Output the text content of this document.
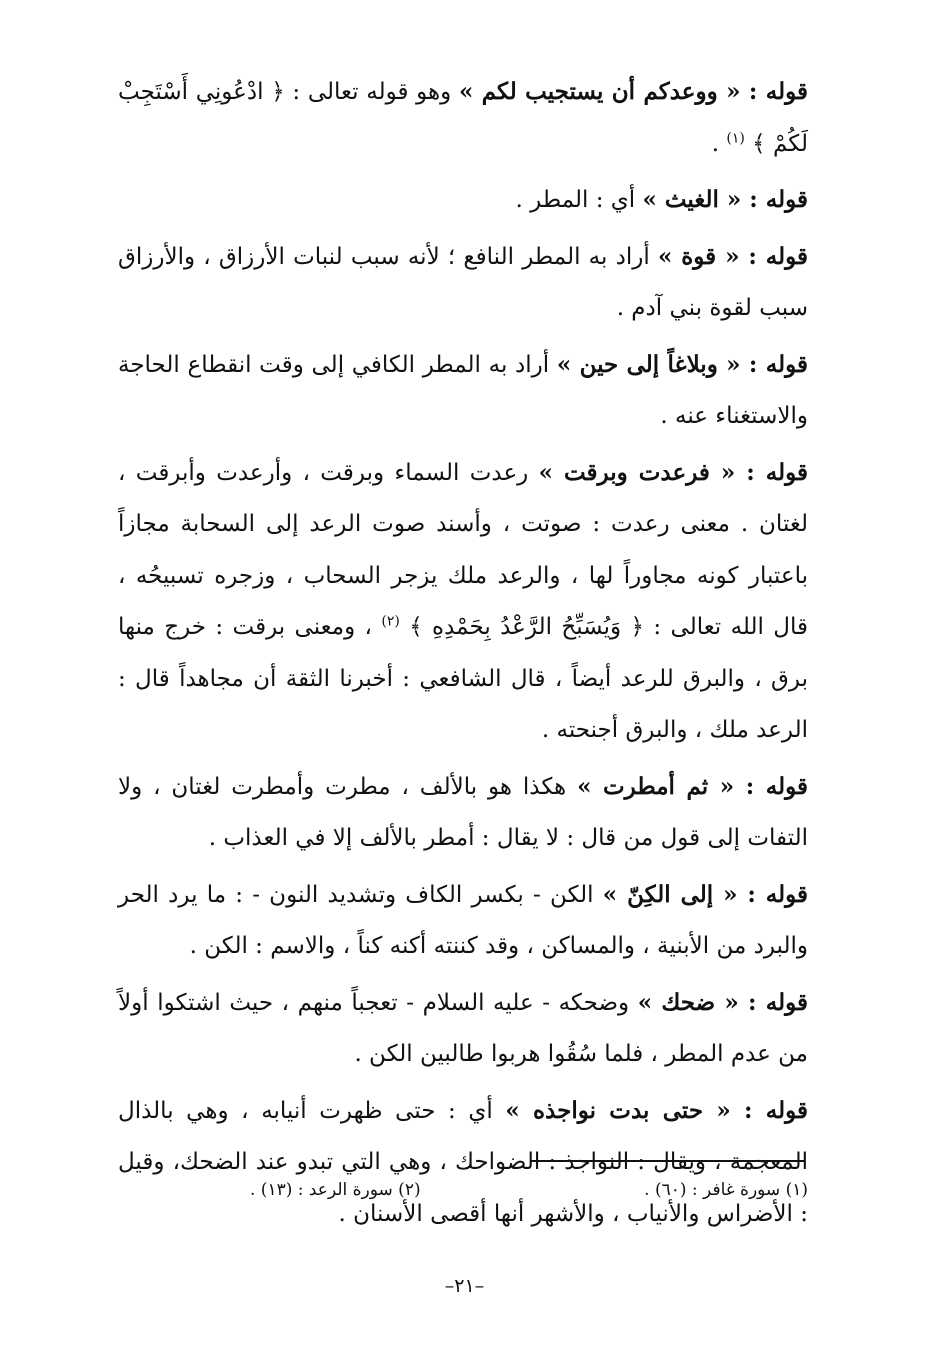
قوله : « ووعدكم أن يستجيب لكم » وهو قوله تعالى : ﴿ ادْعُونِي أَسْتَجِبْ لَكُمْ ﴾ $^{(١)}$ .

قوله : « الغيث » أي : المطر .

قوله : « قوة » أراد به المطر النافع ؛ لأنه سبب لنبات الأرزاق ، والأرزاق سبب لقوة بني آدم .

قوله : « وبلاغاً إلى حين » أراد به المطر الكافي إلى وقت انقطاع الحاجة والاستغناء عنه .

قوله : « فرعدت وبرقت » رعدت السماء وبرقت ، وأرعدت وأبرقت ، لغتان . معنى رعدت : صوتت ، وأسند صوت الرعد إلى السحابة مجازاً باعتبار كونه مجاوراً لها ، والرعد ملك يزجر السحاب ، وزجره تسبيحُه ، قال الله تعالى : ﴿ وَيُسَبِّحُ الرَّعْدُ بِحَمْدِهِ ﴾ $^{(٢)}$ ، ومعنى برقت : خرج منها برق ، والبرق للرعد أيضاً ، قال الشافعي : أخبرنا الثقة أن مجاهداً قال : الرعد ملك ، والبرق أجنحته .

قوله : « ثم أمطرت » هكذا هو بالألف ، مطرت وأمطرت لغتان ، ولا التفات إلى قول من قال : لا يقال : أمطر بالألف إلا في العذاب .

قوله : « إلى الكِنّ » الكن - بكسر الكاف وتشديد النون - : ما يرد الحر والبرد من الأبنية ، والمساكن ، وقد كننته أكنه كناً ، والاسم : الكن .

قوله : « ضحك » وضحكه - عليه السلام - تعجباً منهم ، حيث اشتكوا أولاً من عدم المطر ، فلما سُقُوا هربوا طالبين الكن .

قوله : « حتى بدت نواجذه » أي : حتى ظهرت أنيابه ، وهي بالذال المعجمة ، ويقال : النواجذ : الضواحك ، وهي التي تبدو عند الضحك، وقيل : الأضراس والأنياب ، والأشهر أنها أقصى الأسنان .

(١) سورة غافر : (٦٠) .
(٢) سورة الرعد : (١٣) .
–٢١–
